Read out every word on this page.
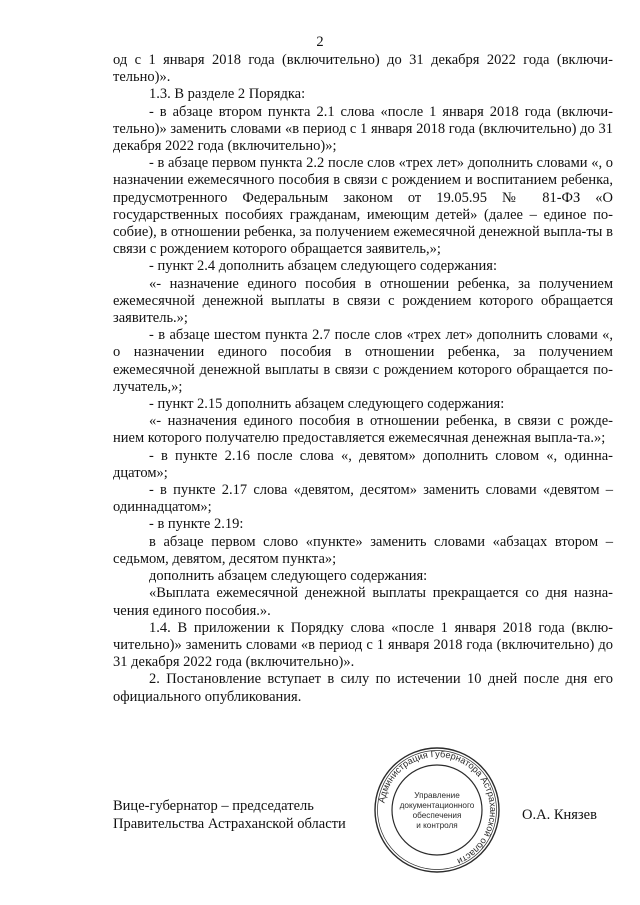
2

од с 1 января 2018 года (включительно) до 31 декабря 2022 года (включи-тельно)».

1.3. В разделе 2 Порядка:

- в абзаце втором пункта 2.1 слова «после 1 января 2018 года (включи-тельно)» заменить словами «в период с 1 января 2018 года (включительно) до 31 декабря 2022 года (включительно)»;

- в абзаце первом пункта 2.2 после слов «трех лет» дополнить словами «, о назначении ежемесячного пособия в связи с рождением и воспитанием ребенка, предусмотренного Федеральным законом от 19.05.95 № 81-ФЗ «О государственных пособиях гражданам, имеющим детей» (далее – единое по-собие), в отношении ребенка, за получением ежемесячной денежной выпла-ты в связи с рождением которого обращается заявитель,»;

- пункт 2.4 дополнить абзацем следующего содержания:

«- назначение единого пособия в отношении ребенка, за получением ежемесячной денежной выплаты в связи с рождением которого обращается заявитель.»;

- в абзаце шестом пункта 2.7 после слов «трех лет» дополнить словами «, о назначении единого пособия в отношении ребенка, за получением ежемесячной денежной выплаты в связи с рождением которого обращается по-лучатель,»;

- пункт 2.15 дополнить абзацем следующего содержания:

«- назначения единого пособия в отношении ребенка, в связи с рожде-нием которого получателю предоставляется ежемесячная денежная выпла-та.»;

- в пункте 2.16 после слова «, девятом» дополнить словом «, одинна-дцатом»;

- в пункте 2.17 слова «девятом, десятом» заменить словами «девятом – одиннадцатом»;

- в пункте 2.19:

в абзаце первом слово «пункте» заменить словами «абзацах втором – седьмом, девятом, десятом пункта»;

дополнить абзацем следующего содержания:

«Выплата ежемесячной денежной выплаты прекращается со дня назна-чения единого пособия.».

1.4. В приложении к Порядку слова «после 1 января 2018 года (вклю-чительно)» заменить словами «в период с 1 января 2018 года (включительно) до 31 декабря 2022 года (включительно)».

2. Постановление вступает в силу по истечении 10 дней после дня его официального опубликования.

Вице-губернатор – председатель
Правительства Астраханской области
Администрация Губернатора Астраханской области
Управление
документационного
обеспечения
и контроля
О.А. Князев
